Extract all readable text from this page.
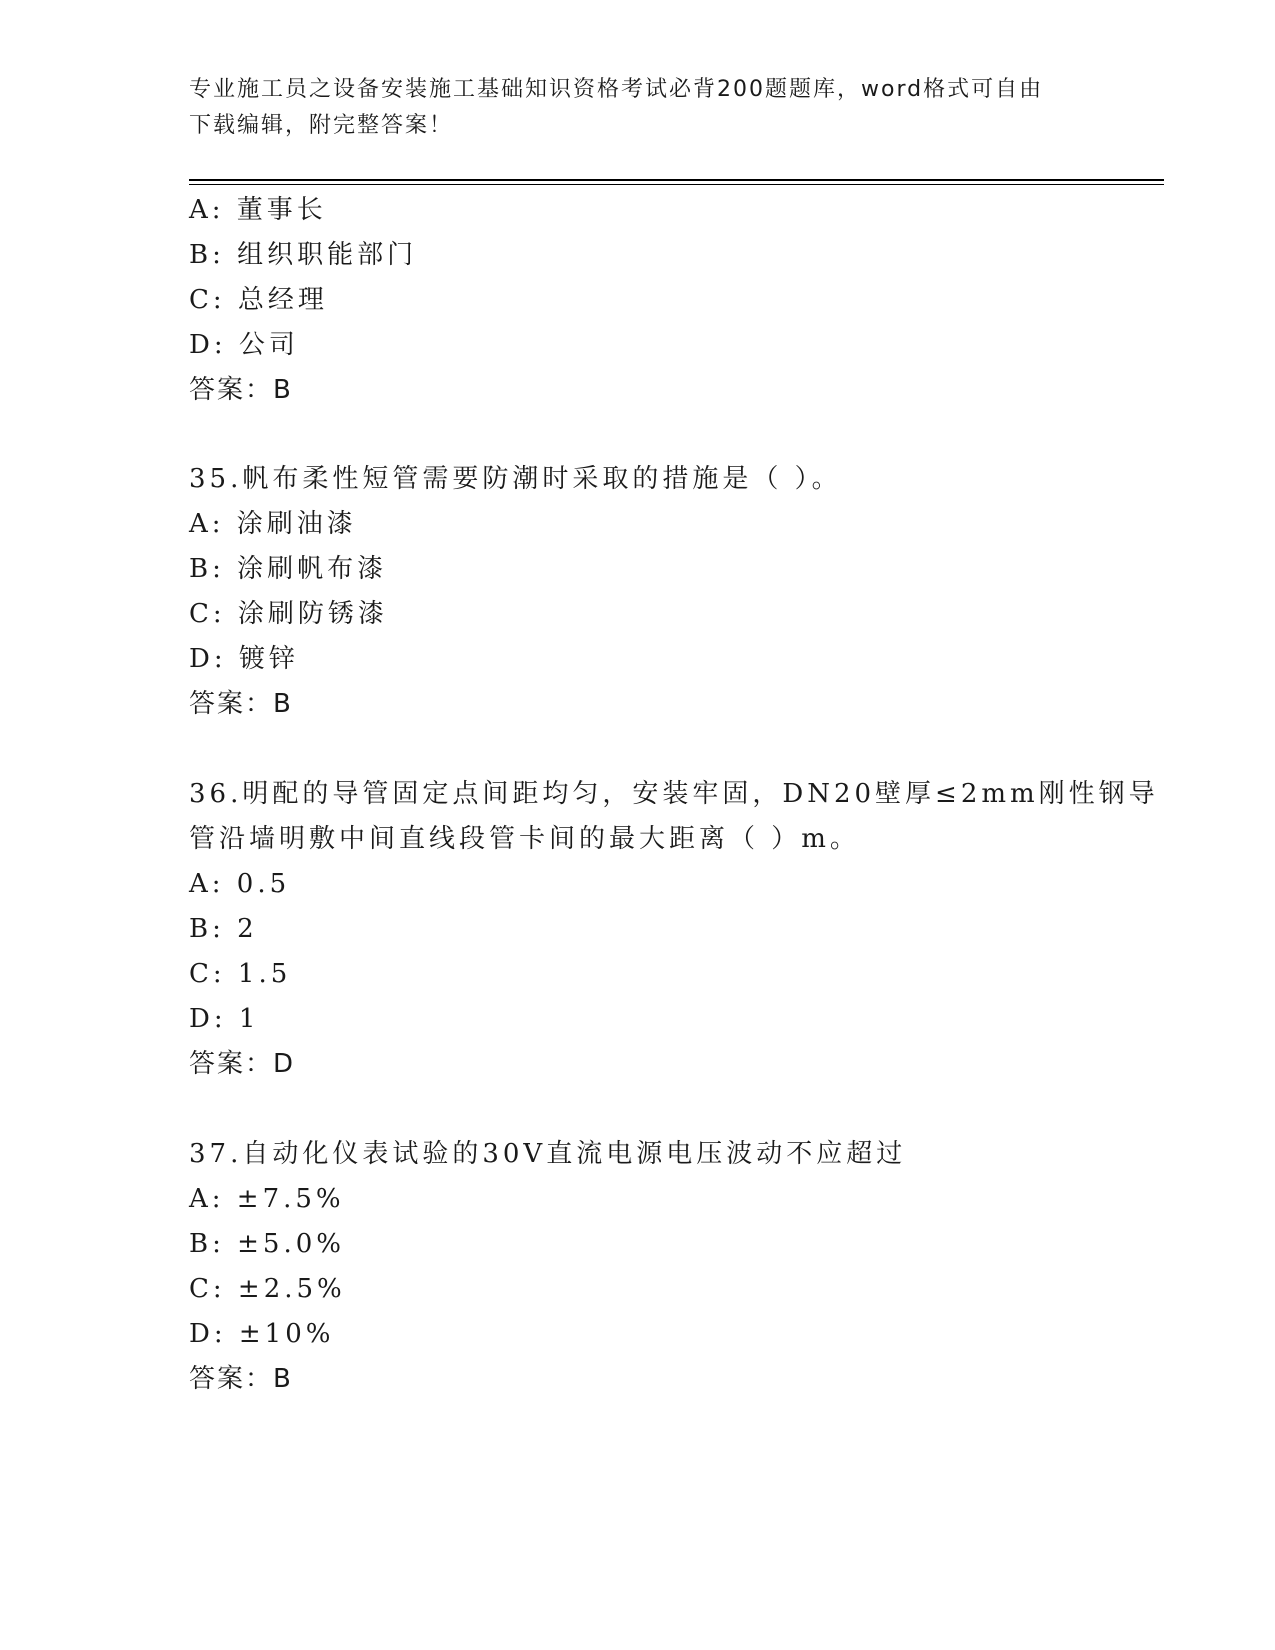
专业施工员之设备安装施工基础知识资格考试必背200题题库，word格式可自由
下载编辑，附完整答案！
A: 董事长
B: 组织职能部门
C: 总经理
D: 公司
答案：B
35.帆布柔性短管需要防潮时采取的措施是（ ）。
A: 涂刷油漆
B: 涂刷帆布漆
C: 涂刷防锈漆
D: 镀锌
答案：B
36.明配的导管固定点间距均匀，安装牢固，DN20壁厚≤2mm刚性钢导
管沿墙明敷中间直线段管卡间的最大距离（ ）m。
A: 0.5
B: 2
C: 1.5
D: 1
答案：D
37.自动化仪表试验的30V直流电源电压波动不应超过
A: ±7.5%
B: ±5.0%
C: ±2.5%
D: ±10%
答案：B
